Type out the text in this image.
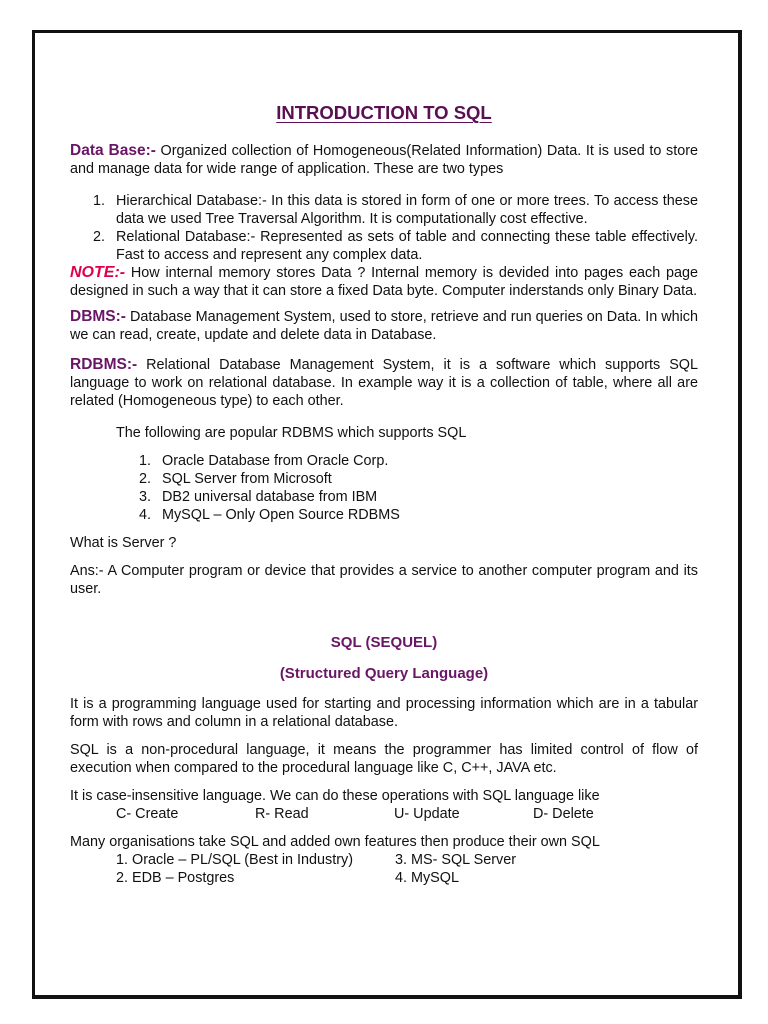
INTRODUCTION TO SQL

Data Base:- Organized collection of Homogeneous(Related Information) Data. It is used to store and manage data for wide range of application. These are two types

1. Hierarchical Database:- In this data is stored in form of one or more trees. To access these data we used Tree Traversal Algorithm. It is computationally cost effective.
2. Relational Database:- Represented as sets of table and connecting these table effectively. Fast to access and represent any complex data.

NOTE:- How internal memory stores Data ? Internal memory is devided into pages each page designed in such a way that it can store a fixed Data byte. Computer inderstands only Binary Data.

DBMS:- Database Management System, used to store, retrieve and run queries on Data. In which we can read, create, update and delete data in Database.

RDBMS:- Relational Database Management System, it is a software which supports SQL language to work on relational database. In example way it is a collection of table, where all are related (Homogeneous type) to each other.

The following are popular RDBMS which supports SQL

1. Oracle Database from Oracle Corp.
2. SQL Server from Microsoft
3. DB2 universal database from IBM
4. MySQL – Only Open Source RDBMS

What is Server ?

Ans:- A Computer program or device that provides a service to another computer program and its user.

SQL (SEQUEL)

(Structured Query Language)

It is a programming language used for starting and processing information which are in a tabular form with rows and column in a relational database.

SQL is a non-procedural language, it means the programmer has limited control of flow of execution when compared to the procedural language like C, C++, JAVA etc.

It is case-insensitive language. We can do these operations with SQL language like

C- Create	R- Read	U- Update	D- Delete

Many organisations take SQL and added own features then produce their own SQL

1. Oracle – PL/SQL (Best in Industry)	3. MS- SQL Server
2. EDB – Postgres	4. MySQL
